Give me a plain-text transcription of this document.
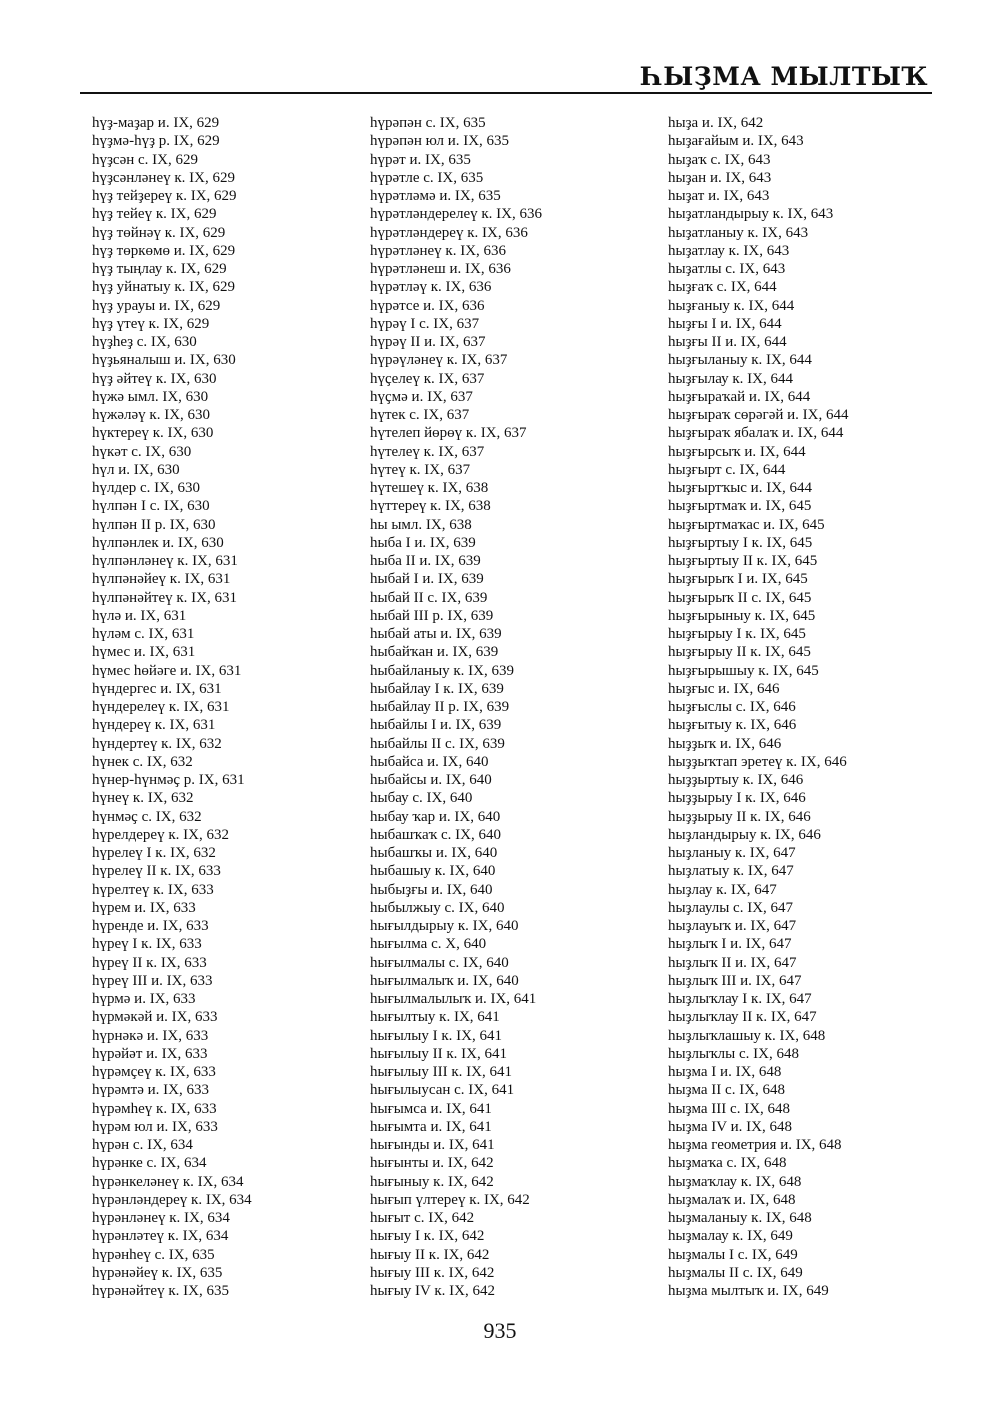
ҺЫҘМА МЫЛТЫҠ
һүҙ-маҙар и. IX, 629
һүҙмә-һүҙ р. IX, 629
һүҙсән с. IX, 629
һүҙсәнләнеү к. IX, 629
һүҙ тейҙереү к. IX, 629
һүҙ тейеү к. IX, 629
һүҙ төйнәү к. IX, 629
һүҙ төркөмө и. IX, 629
һүҙ тыңлау к. IX, 629
һүҙ уйнатыу к. IX, 629
һүҙ урауы и. IX, 629
һүҙ үтеү к. IX, 629
һүҙһеҙ с. IX, 630
һүҙьяналыш и. IX, 630
һүҙ әйтеү к. IX, 630
һүжә ымл. IX, 630
һүжәләү к. IX, 630
һүктереү к. IX, 630
һүкәт с. IX, 630
һүл и. IX, 630
һүлдер с. IX, 630
һүлпән I с. IX, 630
һүлпән II р. IX, 630
һүлпәнлек и. IX, 630
һүлпәнләнеү к. IX, 631
һүлпәнәйеү к. IX, 631
һүлпәнәйтеү к. IX, 631
һүлә и. IX, 631
һүләм с. IX, 631
һүмес и. IX, 631
һүмес һөйәге и. IX, 631
һүндергес и. IX, 631
һүндерелеү к. IX, 631
һүндереү к. IX, 631
һүндертеү к. IX, 632
һүнек с. IX, 632
һүнер-һүнмәҫ р. IX, 631
һүнеү к. IX, 632
һүнмәҫ с. IX, 632
һүрелдереү к. IX, 632
һүрелеү I к. IX, 632
һүрелеү II к. IX, 633
һүрелтеү к. IX, 633
һүрем и. IX, 633
һүренде и. IX, 633
һүреү I к. IX, 633
һүреү II к. IX, 633
һүреү III и. IX, 633
һүрмә и. IX, 633
һүрмәкәй и. IX, 633
һүрнәкә и. IX, 633
һүрәйәт и. IX, 633
һүрәмҫеү к. IX, 633
һүрәмтә и. IX, 633
һүрәмһеү к. IX, 633
һүрәм юл и. IX, 633
һүрән с. IX, 634
һүрәнке с. IX, 634
һүрәнкеләнеү к. IX, 634
һүрәнләндереү к. IX, 634
һүрәнләнеү к. IX, 634
һүрәнләтеү к. IX, 634
һүрәнһеү с. IX, 635
һүрәнәйеү к. IX, 635
һүрәнәйтеү к. IX, 635
һүрәпән с. IX, 635
һүрәпән юл и. IX, 635
һүрәт и. IX, 635
һүрәтле с. IX, 635
һүрәтләмә и. IX, 635
һүрәтләндерелеү к. IX, 636
һүрәтләндереү к. IX, 636
һүрәтләнеү к. IX, 636
һүрәтләнеш и. IX, 636
һүрәтләү к. IX, 636
һүрәтсе и. IX, 636
һүрәү I с. IX, 637
һүрәү II и. IX, 637
һүрәүләнеү к. IX, 637
һүҫелеү к. IX, 637
һүҫмә и. IX, 637
һүтек с. IX, 637
һүтелеп йөрөү к. IX, 637
һүтелеү к. IX, 637
һүтеү к. IX, 637
һүтешеү к. IX, 638
һүттереү к. IX, 638
һы ымл. IX, 638
һыба I и. IX, 639
һыба II и. IX, 639
һыбай I и. IX, 639
һыбай II с. IX, 639
һыбай III р. IX, 639
һыбай аты и. IX, 639
һыбайҡан и. IX, 639
һыбайланыу к. IX, 639
һыбайлау I к. IX, 639
һыбайлау II р. IX, 639
һыбайлы I и. IX, 639
һыбайлы II с. IX, 639
һыбайса и. IX, 640
һыбайсы и. IX, 640
һыбау с. IX, 640
һыбау ҡар и. IX, 640
һыбашҡаҡ с. IX, 640
һыбашҡы и. IX, 640
һыбашыу к. IX, 640
һыбыҙғы и. IX, 640
һыбылжыу с. IX, 640
һығылдырыу к. IX, 640
һығылма с. X, 640
һығылмалы с. IX, 640
һығылмалыҡ и. IX, 640
һығылмалылыҡ и. IX, 641
һығылтыу к. IX, 641
һығылыу I к. IX, 641
һығылыу II к. IX, 641
һығылыу III к. IX, 641
һығылыусан с. IX, 641
һығымса и. IX, 641
һығымта и. IX, 641
һығынды и. IX, 641
һығынты и. IX, 642
һығыныу к. IX, 642
һығып үлтереү к. IX, 642
һығыт с. IX, 642
һығыу I к. IX, 642
һығыу II к. IX, 642
һығыу III к. IX, 642
һығыу IV к. IX, 642
һыҙа и. IX, 642
һыҙағайым и. IX, 643
һыҙаҡ с. IX, 643
һыҙан и. IX, 643
һыҙат и. IX, 643
һыҙатландырыу к. IX, 643
һыҙатланыу к. IX, 643
һыҙатлау к. IX, 643
һыҙатлы с. IX, 643
һыҙғаҡ с. IX, 644
һыҙғаныу к. IX, 644
һыҙғы I и. IX, 644
һыҙғы II и. IX, 644
һыҙғыланыу к. IX, 644
һыҙғылау к. IX, 644
һыҙғыраҡай и. IX, 644
һыҙғыраҡ сөрәгәй и. IX, 644
һыҙғыраҡ ябалаҡ и. IX, 644
һыҙғырсыҡ и. IX, 644
һыҙғырт с. IX, 644
һыҙғыртҡыс и. IX, 644
һыҙғыртмаҡ и. IX, 645
һыҙғыртмаҡас и. IX, 645
һыҙғыртыу I к. IX, 645
һыҙғыртыу II к. IX, 645
һыҙғырыҡ I и. IX, 645
һыҙғырыҡ II с. IX, 645
һыҙғырыныу к. IX, 645
һыҙғырыу I к. IX, 645
һыҙғырыу II к. IX, 645
һыҙғырышыу к. IX, 645
һыҙғыс и. IX, 646
һыҙғыслы с. IX, 646
һыҙғытыу к. IX, 646
һыҙҙыҡ и. IX, 646
һыҙҙыҡтап эретеү к. IX, 646
һыҙҙыртыу к. IX, 646
һыҙҙырыу I к. IX, 646
һыҙҙырыу II к. IX, 646
һыҙландырыу к. IX, 646
һыҙланыу к. IX, 647
һыҙлатыу к. IX, 647
һыҙлау к. IX, 647
һыҙлаулы с. IX, 647
һыҙлауыҡ и. IX, 647
һыҙлыҡ I и. IX, 647
һыҙлыҡ II и. IX, 647
һыҙлыҡ III и. IX, 647
һыҙлыҡлау I к. IX, 647
һыҙлыҡлау II к. IX, 647
һыҙлыҡлашыу к. IX, 648
һыҙлыҡлы с. IX, 648
һыҙма I и. IX, 648
һыҙма II с. IX, 648
һыҙма III с. IX, 648
һыҙма IV и. IX, 648
һыҙма геометрия и. IX, 648
һыҙмаҡа с. IX, 648
һыҙмаҡлау к. IX, 648
һыҙмалаҡ и. IX, 648
һыҙмаланыу к. IX, 648
һыҙмалау к. IX, 649
һыҙмалы I с. IX, 649
һыҙмалы II с. IX, 649
һыҙма мылтыҡ и. IX, 649
935
